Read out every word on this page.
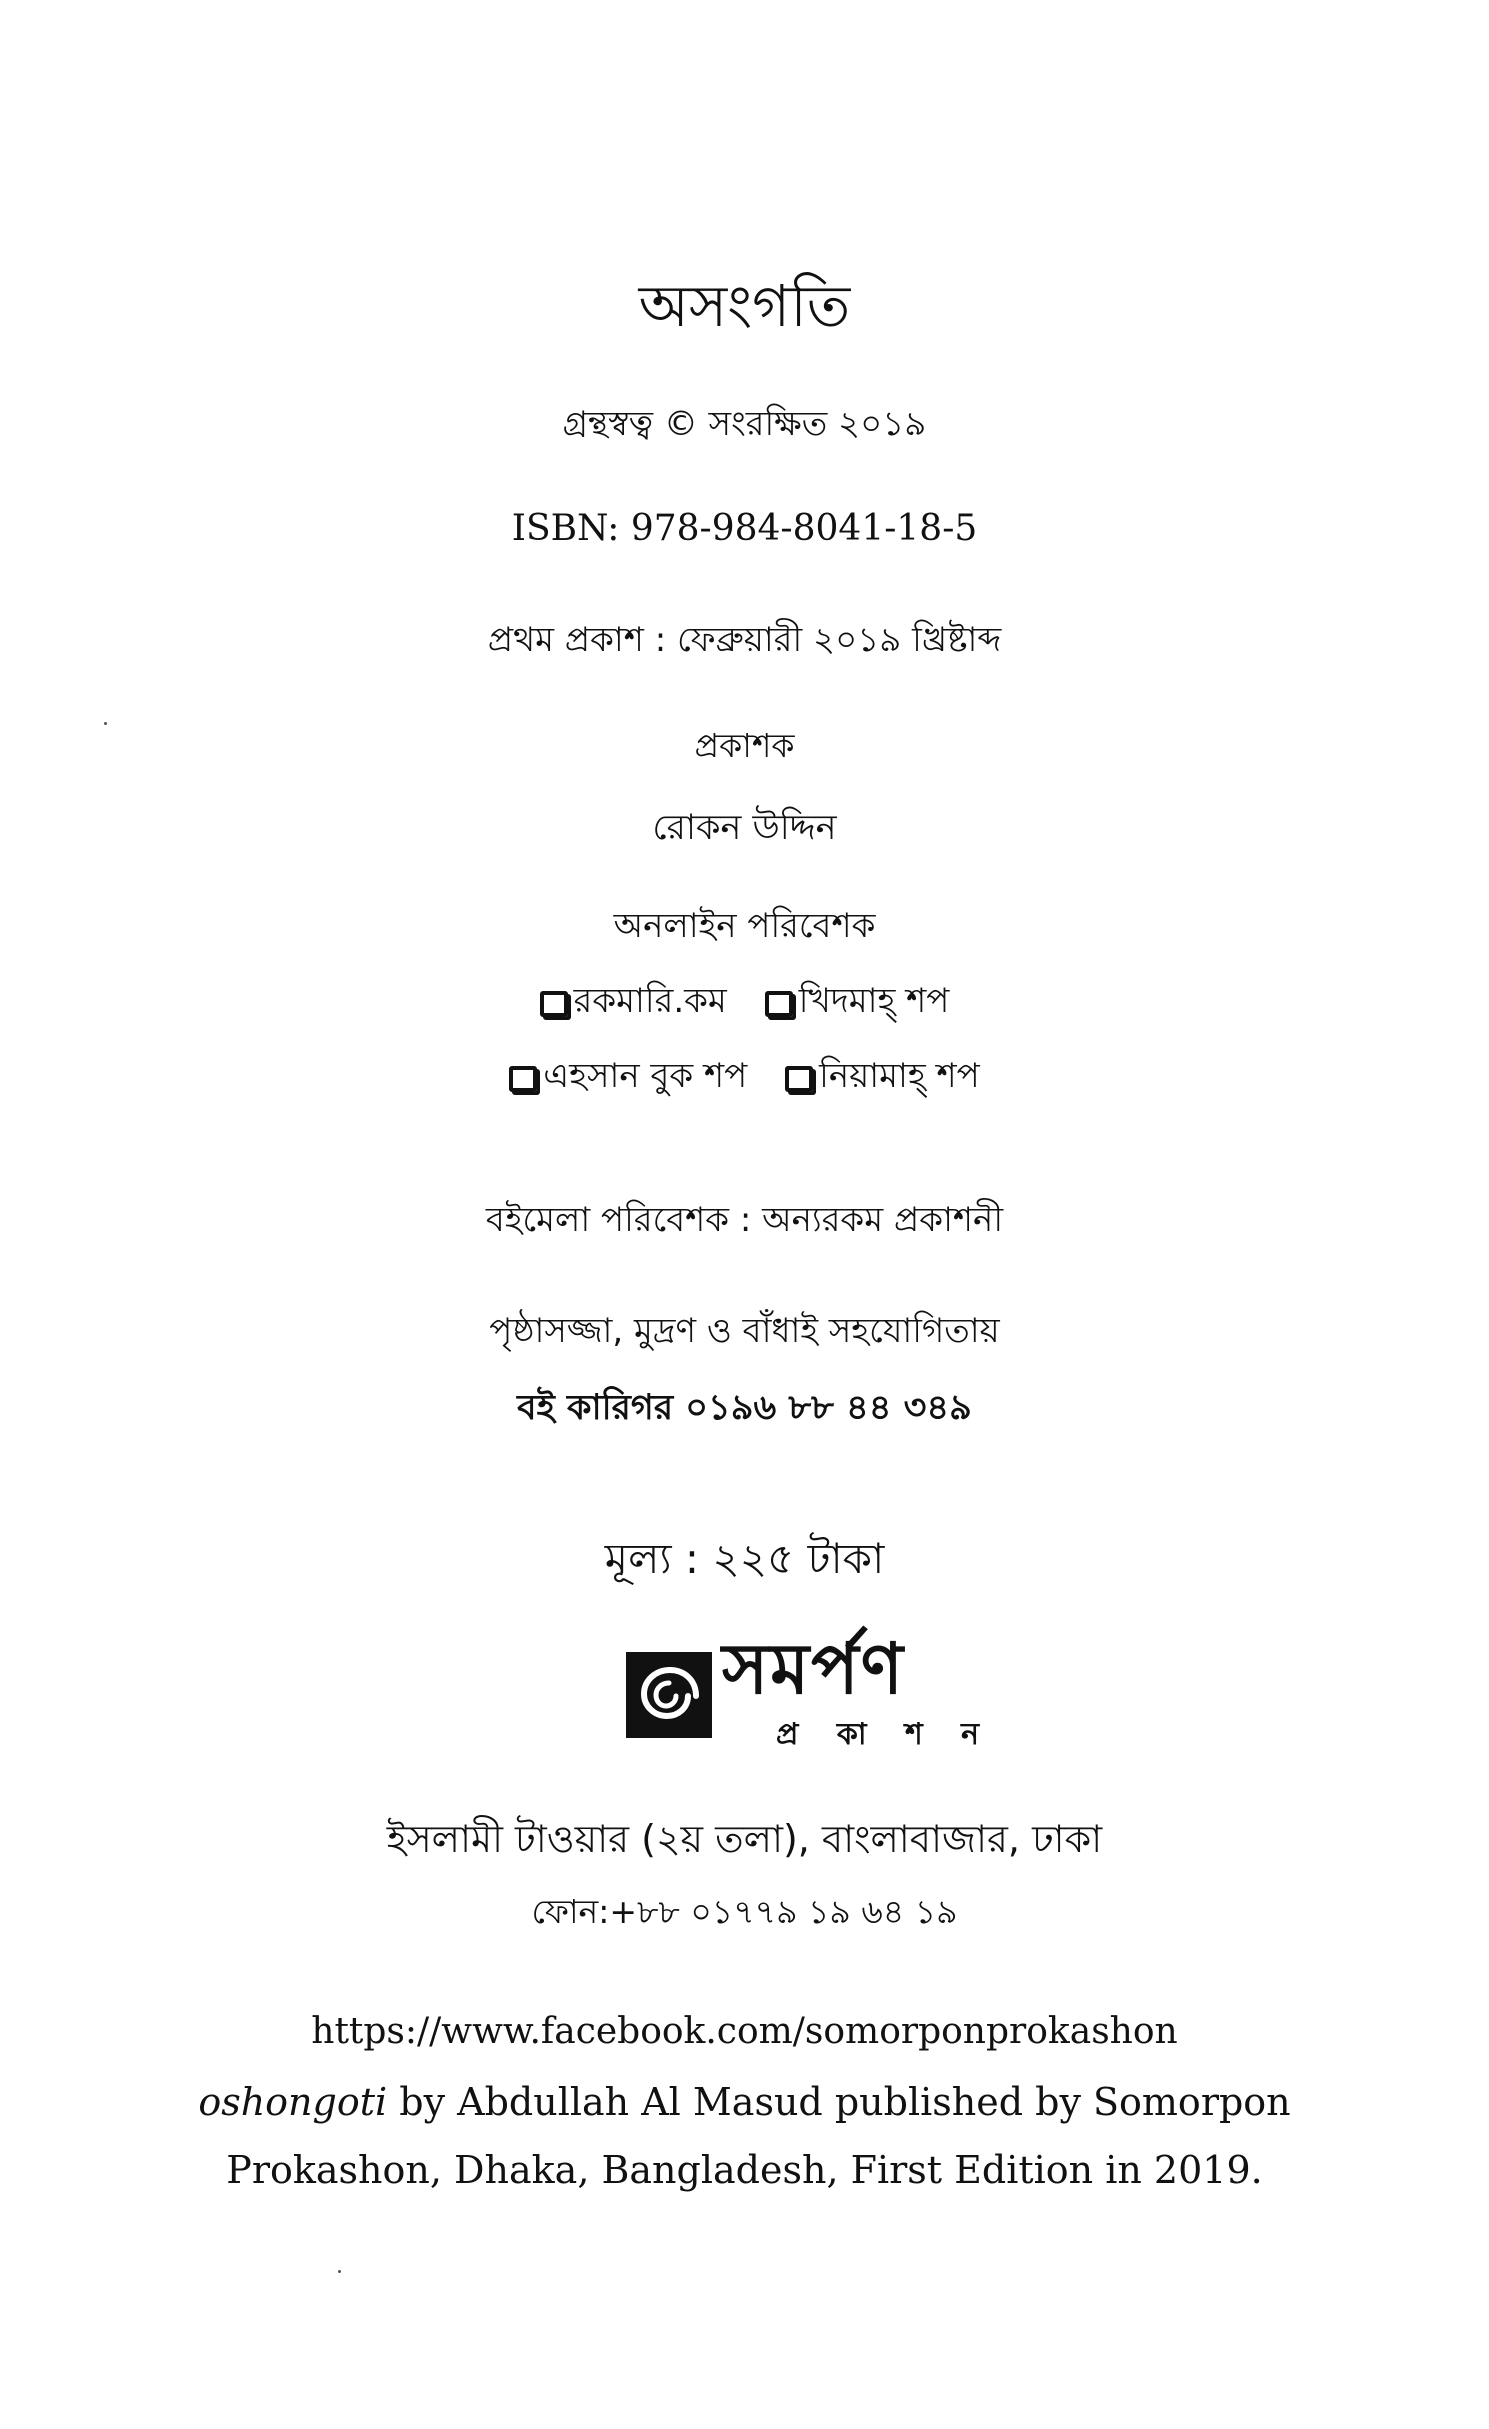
অসংগতি
গ্রন্থস্বত্ব © সংরক্ষিত ২০১৯
ISBN: 978-984-8041-18-5
প্রথম প্রকাশ : ফেব্রুয়ারী ২০১৯ খ্রিষ্টাব্দ
প্রকাশক
রোকন উদ্দিন
অনলাইন পরিবেশক
রকমারি.কম খিদমাহ্ শপ
এহসান বুক শপ নিয়ামাহ্ শপ
বইমেলা পরিবেশক : অন্যরকম প্রকাশনী
পৃষ্ঠাসজ্জা, মুদ্রণ ও বাঁধাই সহযোগিতায়
বই কারিগর ০১৯৬ ৮৮ ৪৪ ৩৪৯
মূল্য : ২২৫ টাকা
সমর্পণ
প্র কা শ ন
ইসলামী টাওয়ার (২য় তলা), বাংলাবাজার, ঢাকা
ফোন:+৮৮ ০১৭৭৯ ১৯ ৬৪ ১৯
https://www.facebook.com/somorponprokashon
oshongoti by Abdullah Al Masud published by Somorpon
Prokashon, Dhaka, Bangladesh, First Edition in 2019.
